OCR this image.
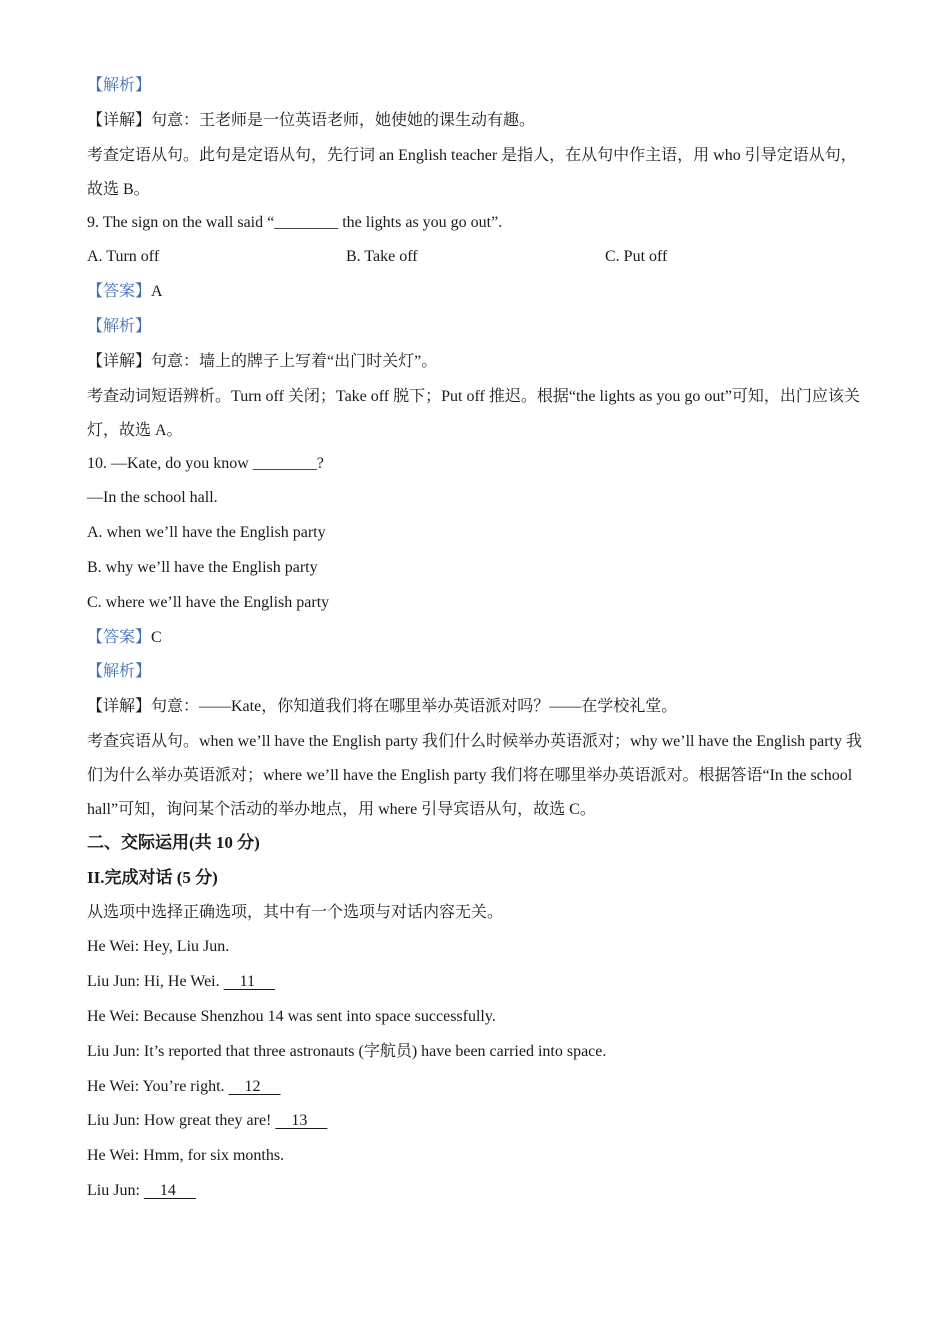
【解析】
【详解】句意：王老师是一位英语老师，她使她的课生动有趣。
考查定语从句。此句是定语从句，先行词 an English teacher 是指人，在从句中作主语，用 who 引导定语从句，故选 B。
9. The sign on the wall said “________ the lights as you go out”.
A. Turn off	B. Take off	C. Put off
【答案】A
【解析】
【详解】句意：墙上的牌子上写着“出门时关灯”。
考查动词短语辨析。Turn off 关闭；Take off 脱下；Put off 推迟。根据“the lights as you go out”可知，出门应该关灯，故选 A。
10. —Kate, do you know ________?
—In the school hall.
A. when we’ll have the English party
B. why we’ll have the English party
C. where we’ll have the English party
【答案】C
【解析】
【详解】句意：——Kate，你知道我们将在哪里举办英语派对吗？——在学校礼堂。
考查宾语从句。when we’ll have the English party 我们什么时候举办英语派对；why we’ll have the English party 我们为什么举办英语派对；where we’ll have the English party 我们将在哪里举办英语派对。根据答语“In the school hall”可知，询问某个活动的举办地点，用 where 引导宾语从句，故选 C。
二、交际运用(共 10 分)
II.完成对话 (5 分)
从选项中选择正确选项，其中有一个选项与对话内容无关。
He Wei: Hey, Liu Jun.
Liu Jun: Hi, He Wei.     11
He Wei: Because Shenzhou 14 was sent into space successfully.
Liu Jun: It’s reported that three astronauts (字航员) have been carried into space.
He Wei: You’re right.     12
Liu Jun: How great they are!     13
He Wei: Hmm, for six months.
Liu Jun:     14
